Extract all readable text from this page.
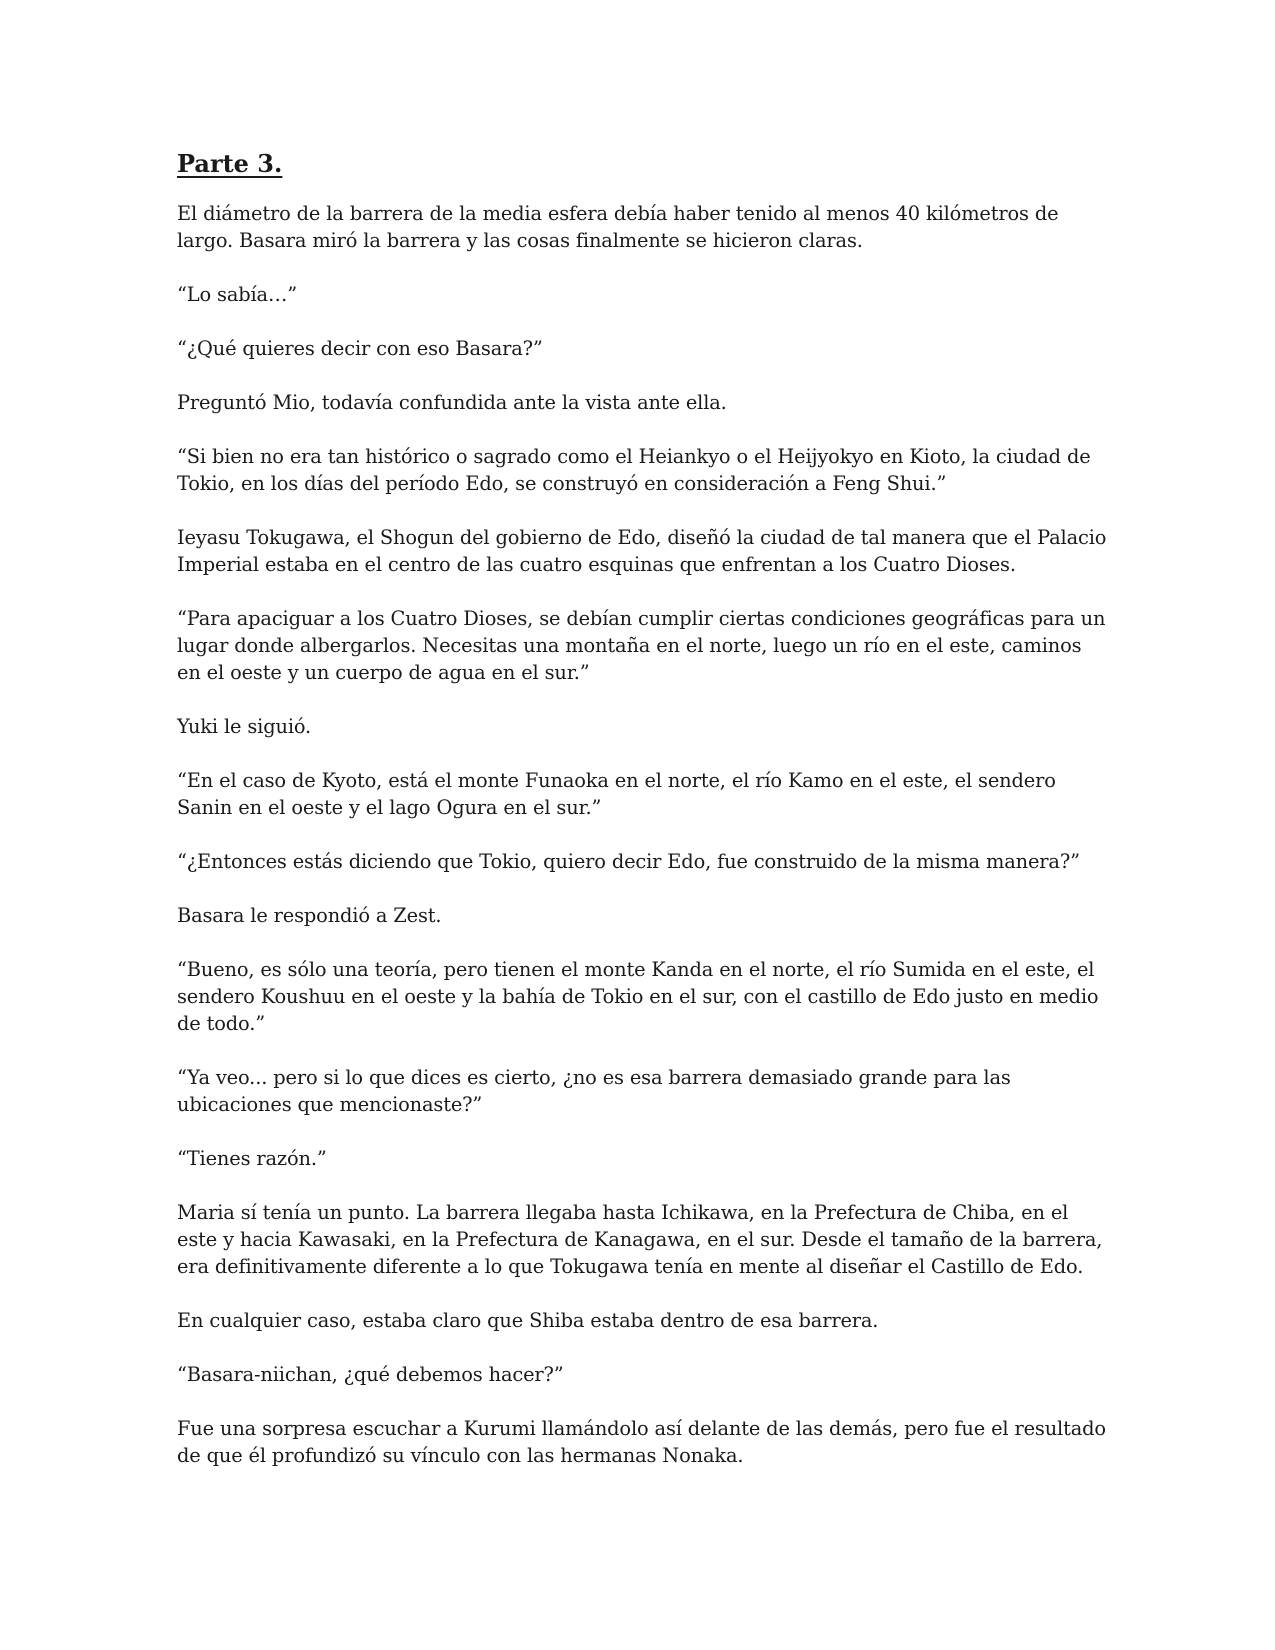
Parte 3.

El diámetro de la barrera de la media esfera debía haber tenido al menos 40 kilómetros de largo. Basara miró la barrera y las cosas finalmente se hicieron claras.

“Lo sabía…”

“¿Qué quieres decir con eso Basara?”

Preguntó Mio, todavía confundida ante la vista ante ella.

“Si bien no era tan histórico o sagrado como el Heiankyo o el Heijyokyo en Kioto, la ciudad de Tokio, en los días del período Edo, se construyó en consideración a Feng Shui.”

Ieyasu Tokugawa, el Shogun del gobierno de Edo, diseñó la ciudad de tal manera que el Palacio Imperial estaba en el centro de las cuatro esquinas que enfrentan a los Cuatro Dioses.

“Para apaciguar a los Cuatro Dioses, se debían cumplir ciertas condiciones geográficas para un lugar donde albergarlos. Necesitas una montaña en el norte, luego un río en el este, caminos en el oeste y un cuerpo de agua en el sur.”

Yuki le siguió.

“En el caso de Kyoto, está el monte Funaoka en el norte, el río Kamo en el este, el sendero Sanin en el oeste y el lago Ogura en el sur.”

“¿Entonces estás diciendo que Tokio, quiero decir Edo, fue construido de la misma manera?”

Basara le respondió a Zest.

“Bueno, es sólo una teoría, pero tienen el monte Kanda en el norte, el río Sumida en el este, el sendero Koushuu en el oeste y la bahía de Tokio en el sur, con el castillo de Edo justo en medio de todo.”

“Ya veo... pero si lo que dices es cierto, ¿no es esa barrera demasiado grande para las ubicaciones que mencionaste?”

“Tienes razón.”

Maria sí tenía un punto. La barrera llegaba hasta Ichikawa, en la Prefectura de Chiba, en el este y hacia Kawasaki, en la Prefectura de Kanagawa, en el sur. Desde el tamaño de la barrera, era definitivamente diferente a lo que Tokugawa tenía en mente al diseñar el Castillo de Edo.

En cualquier caso, estaba claro que Shiba estaba dentro de esa barrera.

“Basara-niichan, ¿qué debemos hacer?”

Fue una sorpresa escuchar a Kurumi llamándolo así delante de las demás, pero fue el resultado de que él profundizó su vínculo con las hermanas Nonaka.
